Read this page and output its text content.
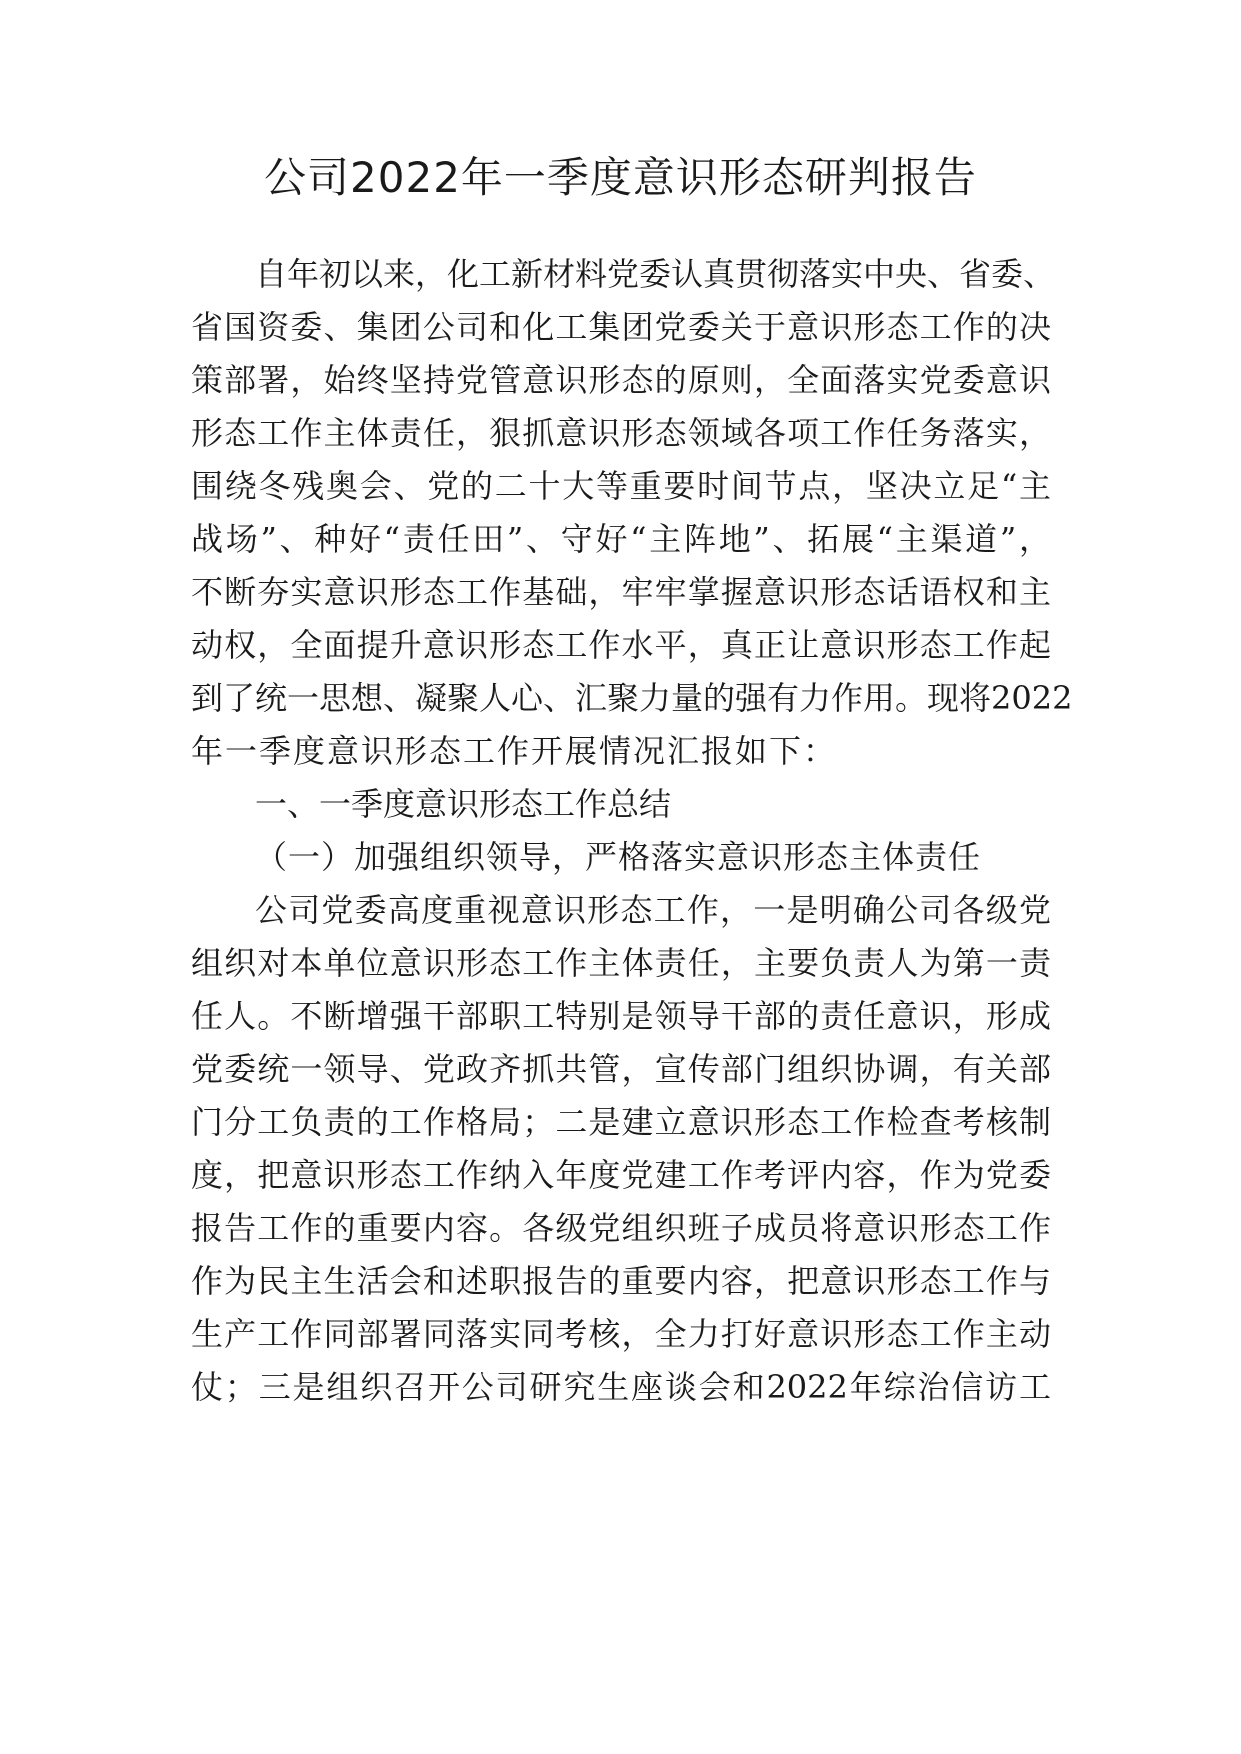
公司2022年一季度意识形态研判报告

自年初以来，化工新材料党委认真贯彻落实中央、省委、

省国资委、集团公司和化工集团党委关于意识形态工作的决

策部署，始终坚持党管意识形态的原则，全面落实党委意识

形态工作主体责任，狠抓意识形态领域各项工作任务落实，

围绕冬残奥会、党的二十大等重要时间节点，坚决立足“主

战场”、种好“责任田”、守好“主阵地”、拓展“主渠道”，

不断夯实意识形态工作基础，牢牢掌握意识形态话语权和主

动权，全面提升意识形态工作水平，真正让意识形态工作起

到了统一思想、凝聚人心、汇聚力量的强有力作用。现将2022

年一季度意识形态工作开展情况汇报如下：

一、一季度意识形态工作总结

（一）加强组织领导，严格落实意识形态主体责任

公司党委高度重视意识形态工作，一是明确公司各级党

组织对本单位意识形态工作主体责任，主要负责人为第一责

任人。不断增强干部职工特别是领导干部的责任意识，形成

党委统一领导、党政齐抓共管，宣传部门组织协调，有关部

门分工负责的工作格局；二是建立意识形态工作检查考核制

度，把意识形态工作纳入年度党建工作考评内容，作为党委

报告工作的重要内容。各级党组织班子成员将意识形态工作

作为民主生活会和述职报告的重要内容，把意识形态工作与

生产工作同部署同落实同考核，全力打好意识形态工作主动

仗；三是组织召开公司研究生座谈会和2022年综治信访工
